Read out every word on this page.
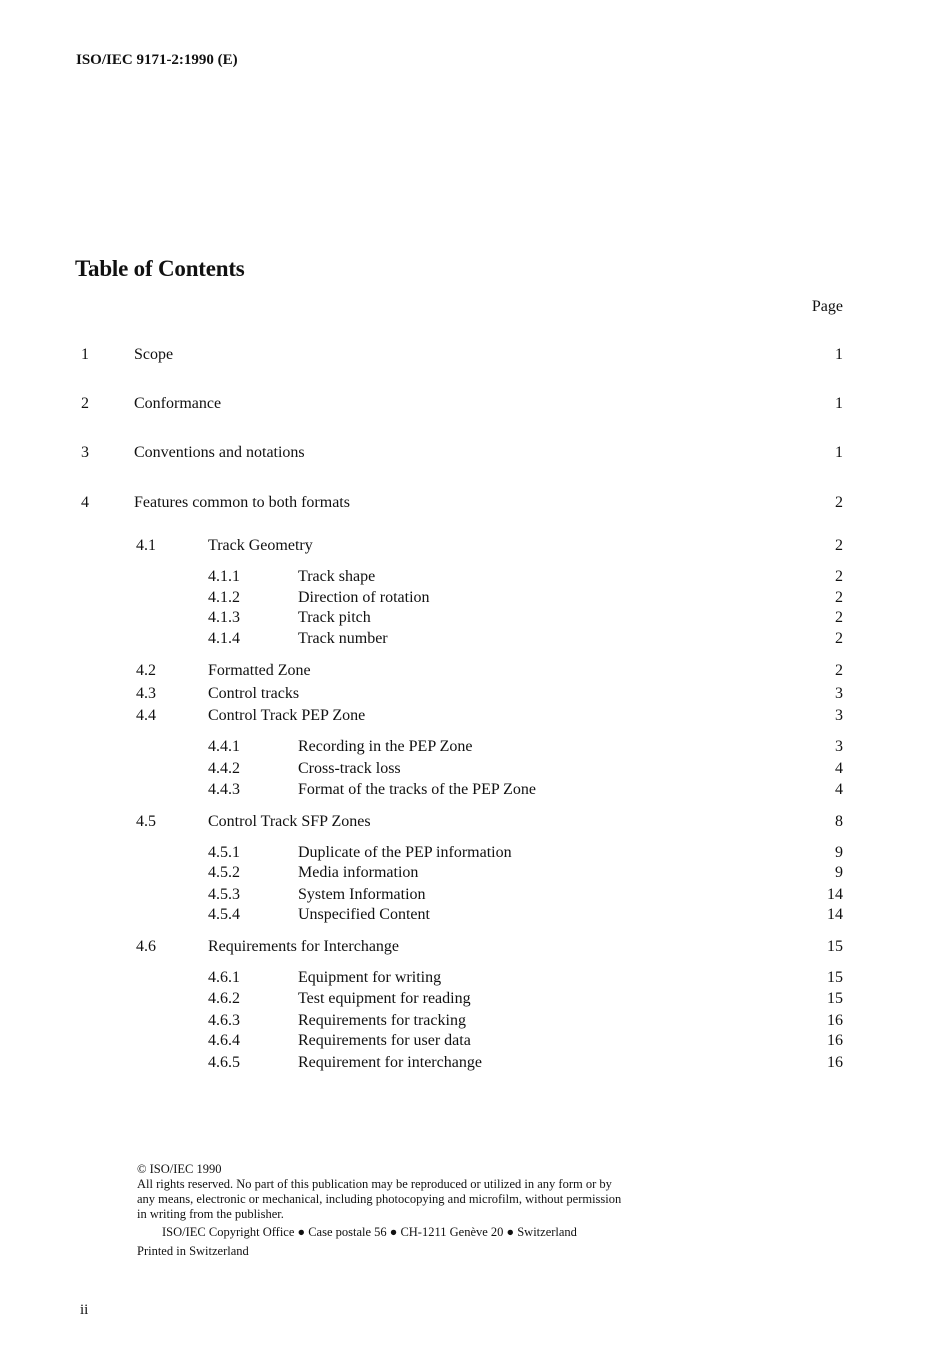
ISO/IEC 9171-2:1990 (E)
Table of Contents
Page
1	Scope	1
2	Conformance	1
3	Conventions and notations	1
4	Features common to both formats	2
4.1	Track Geometry	2
4.1.1	Track shape	2
4.1.2	Direction of rotation	2
4.1.3	Track pitch	2
4.1.4	Track number	2
4.2	Formatted Zone	2
4.3	Control tracks	3
4.4	Control Track PEP Zone	3
4.4.1	Recording in the PEP Zone	3
4.4.2	Cross-track loss	4
4.4.3	Format of the tracks of the PEP Zone	4
4.5	Control Track SFP Zones	8
4.5.1	Duplicate of the PEP information	9
4.5.2	Media information	9
4.5.3	System Information	14
4.5.4	Unspecified Content	14
4.6	Requirements for Interchange	15
4.6.1	Equipment for writing	15
4.6.2	Test equipment for reading	15
4.6.3	Requirements for tracking	16
4.6.4	Requirements for user data	16
4.6.5	Requirement for interchange	16
© ISO/IEC 1990
All rights reserved. No part of this publication may be reproduced or utilized in any form or by
any means, electronic or mechanical, including photocopying and microfilm, without permission
in writing from the publisher.
ISO/IEC Copyright Office ● Case postale 56 ● CH-1211 Genève 20 ● Switzerland
Printed in Switzerland
ii
